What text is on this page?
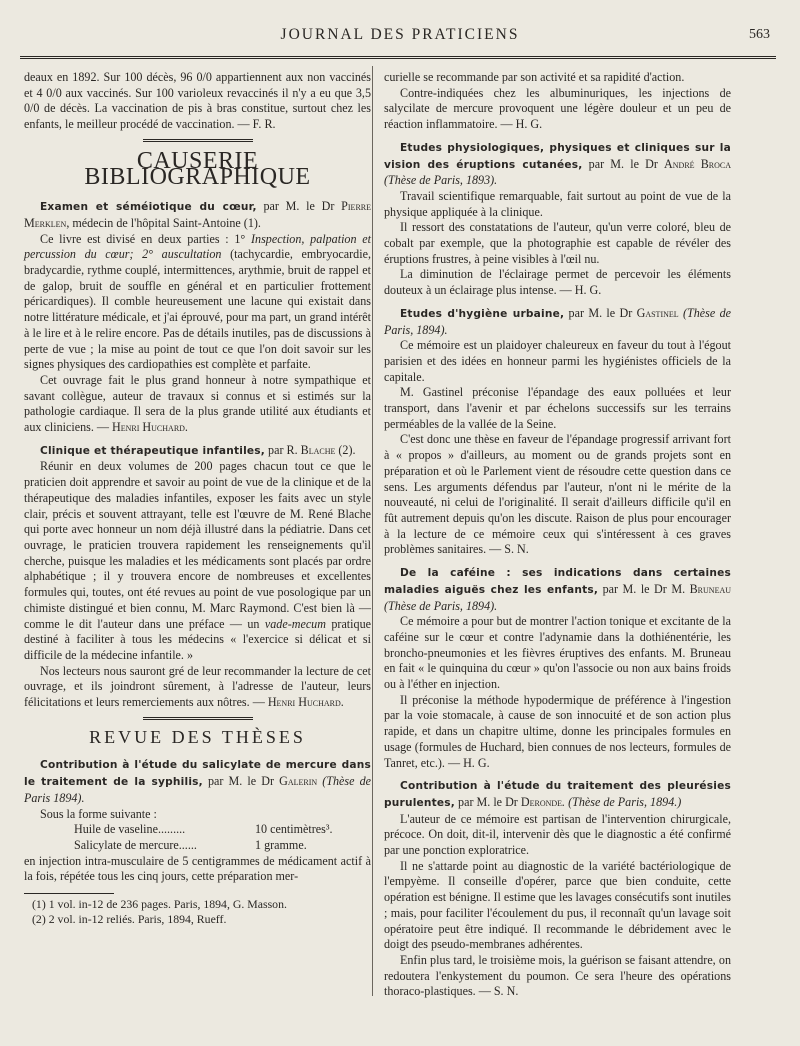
JOURNAL DES PRATICIENS	563

deaux en 1892. Sur 100 décès, 96 0/0 appartiennent aux non vaccinés et 4 0/0 aux vaccinés. Sur 100 varioleux revaccinés il n'y a eu que 3,5 0/0 de décès. La vaccination de pis à bras constitue, surtout chez les enfants, le meilleur procédé de vaccination. — F. R.

CAUSERIE BIBLIOGRAPHIQUE

Examen et séméiotique du cœur, par M. le Dr Pierre Merklen, médecin de l'hôpital Saint-Antoine (1).

Ce livre est divisé en deux parties : 1° Inspection, palpation et percussion du cœur; 2° auscultation (tachycardie, embryocardie, bradycardie, rythme couplé, intermittences, arythmie, bruit de rappel et de galop, bruit de souffle en général et en particulier frottement péricardiques). Il comble heureusement une lacune qui existait dans notre littérature médicale, et j'ai éprouvé, pour ma part, un grand intérêt à le lire et à le relire encore. Pas de détails inutiles, pas de discussions à perte de vue ; la mise au point de tout ce que l'on doit savoir sur les signes physiques des cardiopathies est complète et parfaite.

Cet ouvrage fait le plus grand honneur à notre sympathique et savant collègue, auteur de travaux si connus et si estimés sur la pathologie cardiaque. Il sera de la plus grande utilité aux étudiants et aux cliniciens. — Henri Huchard.

Clinique et thérapeutique infantiles, par R. Blache (2).

Réunir en deux volumes de 200 pages chacun tout ce que le praticien doit apprendre et savoir au point de vue de la clinique et de la thérapeutique des maladies infantiles, exposer les faits avec un style clair, précis et souvent attrayant, telle est l'œuvre de M. René Blache qui porte avec honneur un nom déjà illustré dans la pédiatrie. Dans cet ouvrage, le praticien trouvera rapidement les renseignements qu'il cherche, puisque les maladies et les médicaments sont placés par ordre alphabétique ; il y trouvera encore de nombreuses et excellentes formules qui, toutes, ont été revues au point de vue posologique par un chimiste distingué et bien connu, M. Marc Raymond. C'est bien là — comme le dit l'auteur dans une préface — un vade-mecum pratique destiné à faciliter à tous les médecins « l'exercice si délicat et si difficile de la médecine infantile. »

Nos lecteurs nous sauront gré de leur recommander la lecture de cet ouvrage, et ils joindront sûrement, à l'adresse de l'auteur, leurs félicitations et leurs remerciements aux nôtres. — Henri Huchard.

REVUE DES THÈSES

Contribution à l'étude du salicylate de mercure dans le traitement de la syphilis, par M. le Dr Galerin (Thèse de Paris 1894).

Sous la forme suivante :

Huile de vaseline.........	10 centimètres³.
Salicylate de mercure......	1 gramme.

en injection intra-musculaire de 5 centigrammes de médicament actif à la fois, répétée tous les cinq jours, cette préparation mer-

(1) 1 vol. in-12 de 236 pages. Paris, 1894, G. Masson.
(2) 2 vol. in-12 reliés. Paris, 1894, Rueff.

curielle se recommande par son activité et sa rapidité d'action.

Contre-indiquées chez les albuminuriques, les injections de salycilate de mercure provoquent une légère douleur et un peu de réaction inflammatoire. — H. G.

Etudes physiologiques, physiques et cliniques sur la vision des éruptions cutanées, par M. le Dr André Broca (Thèse de Paris, 1893).

Travail scientifique remarquable, fait surtout au point de vue de la physique appliquée à la clinique.

Il ressort des constatations de l'auteur, qu'un verre coloré, bleu de cobalt par exemple, que la photographie est capable de révéler des éruptions frustres, à peine visibles à l'œil nu.

La diminution de l'éclairage permet de percevoir les éléments douteux à un éclairage plus intense. — H. G.

Etudes d'hygiène urbaine, par M. le Dr Gastinel (Thèse de Paris, 1894).

Ce mémoire est un plaidoyer chaleureux en faveur du tout à l'égout parisien et des idées en honneur parmi les hygiénistes officiels de la capitale.

M. Gastinel préconise l'épandage des eaux polluées et leur transport, dans l'avenir et par échelons successifs sur les terrains perméables de la vallée de la Seine.

C'est donc une thèse en faveur de l'épandage progressif arrivant fort à « propos » d'ailleurs, au moment ou de grands projets sont en préparation et où le Parlement vient de résoudre cette question dans ce sens. Les arguments défendus par l'auteur, n'ont ni le mérite de la nouveauté, ni celui de l'originalité. Il serait d'ailleurs difficile qu'il en fût autrement depuis qu'on les discute. Raison de plus pour encourager à la lecture de ce mémoire ceux qui s'intéressent à ces graves problèmes sanitaires. — S. N.

De la caféine : ses indications dans certaines maladies aiguës chez les enfants, par M. le Dr M. Bruneau (Thèse de Paris, 1894).

Ce mémoire a pour but de montrer l'action tonique et excitante de la caféine sur le cœur et contre l'adynamie dans la dothiénentérie, les broncho-pneumonies et les fièvres éruptives des enfants. M. Bruneau en fait « le quinquina du cœur » qu'on l'associe ou non aux bains froids ou à l'éther en injection.

Il préconise la méthode hypodermique de préférence à l'ingestion par la voie stomacale, à cause de son innocuité et de son action plus rapide, et dans un chapitre ultime, donne les principales formules en usage (formules de Huchard, bien connues de nos lecteurs, formules de Tanret, etc.). — H. G.

Contribution à l'étude du traitement des pleurésies purulentes, par M. le Dr Deronde. (Thèse de Paris, 1894.)

L'auteur de ce mémoire est partisan de l'intervention chirurgicale, précoce. On doit, dit-il, intervenir dès que le diagnostic a été confirmé par une ponction exploratrice.

Il ne s'attarde point au diagnostic de la variété bactériologique de l'empyème. Il conseille d'opérer, parce que bien conduite, cette opération est bénigne. Il estime que les lavages consécutifs sont inutiles ; mais, pour faciliter l'écoulement du pus, il reconnaît qu'un lavage soit opératoire peut être indiqué. Il recommande le débridement avec le doigt des pseudo-membranes adhérentes.

Enfin plus tard, le troisième mois, la guérison se faisant attendre, on redoutera l'enkystement du poumon. Ce sera l'heure des opérations thoraco-plastiques. — S. N.
